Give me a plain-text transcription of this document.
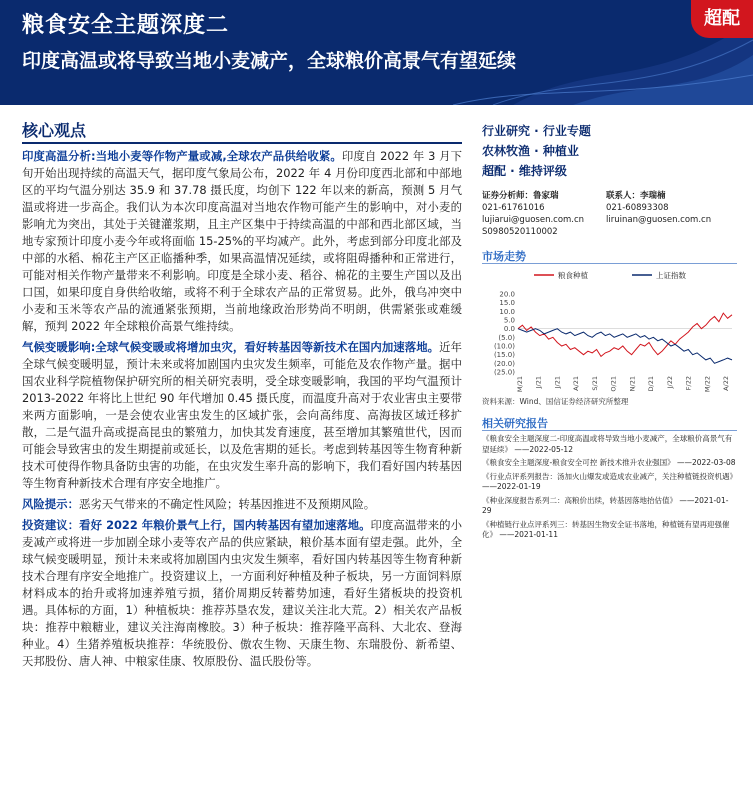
粮食安全主题深度二
印度高温或将导致当地小麦减产，全球粮价高景气有望延续
超配
核心观点

印度高温分析:当地小麦等作物产量或减,全球农产品供给收紧。印度自 2022 年 3 月下旬开始出现持续的高温天气，据印度气象局公布，2022 年 4 月份印度西北部和中部地区的平均气温分别达 35.9 和 37.78 摄氏度，均创下 122 年以来的新高，预测 5 月气温或将进一步高企。我们认为本次印度高温对当地农作物可能产生的影响中，对小麦的影响尤为突出，其处于关键灌浆期，且主产区集中于持续高温的中部和西北部区域，当地专家预计印度小麦今年或将面临 15-25%的平均减产。此外，考虑到部分印度北部及中部的水稻、棉花主产区正临播种季，如果高温情况延续，或将阻碍播种和正常进行，可能对相关作物产量带来不利影响。印度是全球小麦、稻谷、棉花的主要生产国以及出口国，如果印度自身供给收缩，或将不利于全球农产品的正常贸易。此外，俄乌冲突中小麦和玉米等农产品的流通紧张预期，当前地缘政治形势尚不明朗，供需紧张或难缓解，预判 2022 年全球粮价高景气维持续。

气候变暖影响:全球气候变暖或将增加虫灾，看好转基因等新技术在国内加速落地。近年全球气候变暖明显，预计未来或将加剧国内虫灾发生频率，可能危及农作物产量。据中国农业科学院植物保护研究所的相关研究表明，受全球变暖影响，我国的平均气温预计 2013-2022 年将比上世纪 90 年代增加 0.45 摄氏度，而温度升高对于农业害虫主要带来两方面影响，一是会使农业害虫发生的区域扩张，会向高纬度、高海拔区域迁移扩散，二是气温升高或提高昆虫的繁殖力，加快其发育速度，甚至增加其繁殖世代，因而可能会导致害虫的发生期提前或延长，以及危害期的延长。考虑到转基因等生物育种新技术可使得作物具备防虫害的功能，在虫灾发生率升高的影响下，我们看好国内转基因等生物育种新技术合理有序安全地推广。

风险提示：恶劣天气带来的不确定性风险；转基因推进不及预期风险。

投资建议：看好 2022 年粮价景气上行，国内转基因有望加速落地。印度高温带来的小麦减产或将进一步加剧全球小麦等农产品的供应紧缺，粮价基本面有望走强。此外，全球气候变暖明显，预计未来或将加剧国内虫灾发生频率，看好国内转基因等生物育种新技术合理有序安全地推广。投资建议上，一方面利好种植及种子板块，另一方面饲料原材料成本的抬升或将加速养殖亏损，猪价周期反转蓄势加速，看好生猪板块的投资机遇。具体标的方面，1）种植板块：推荐苏垦农发，建议关注北大荒。2）相关农产品板块：推荐中粮糖业，建议关注海南橡胶。3）种子板块：推荐隆平高科、大北农、登海种业。4）生猪养殖板块推荐：华统股份、傲农生物、天康生物、东瑞股份、新希望、天邦股份、唐人神、中粮家佳康、牧原股份、温氏股份等。

行业研究 · 行业专题
农林牧渔 · 种植业
超配 · 维持评级
证券分析师：鲁家瑞
021-61761016
lujiarui@guosen.com.cn
S0980520110002
联系人：李瑞楠
021-60893308
liruinan@guosen.com.cn
市场走势
粮食种植	上证指数
20.0
15.0
10.0
5.0
0.0
(5.0)
(10.0)
(15.0)
(20.0)
(25.0)
M/21 J/21 J/21 A/21 S/21 O/21 N/21 D/21 J/22 F/22 M/22 A/22
资料来源：Wind、国信证券经济研究所整理
相关研究报告
《粮食安全主题深度二-印度高温或将导致当地小麦减产，全球粮价高景气有望延续》 ——2022-05-12
《粮食安全主题深度-粮食安全可控 新技术推升农业强国》 ——2022-03-08
《行业点评系列报告：汤加火山爆发或造成农业减产，关注种植链投资机遇》 ——2022-01-19
《种业深度报告系列二：高粮价出续，转基因落地抬估值》 ——2021-01-29
《种植链行业点评系列三：转基因生物安全证书落地，种植链有望再迎强催化》 ——2021-01-11
